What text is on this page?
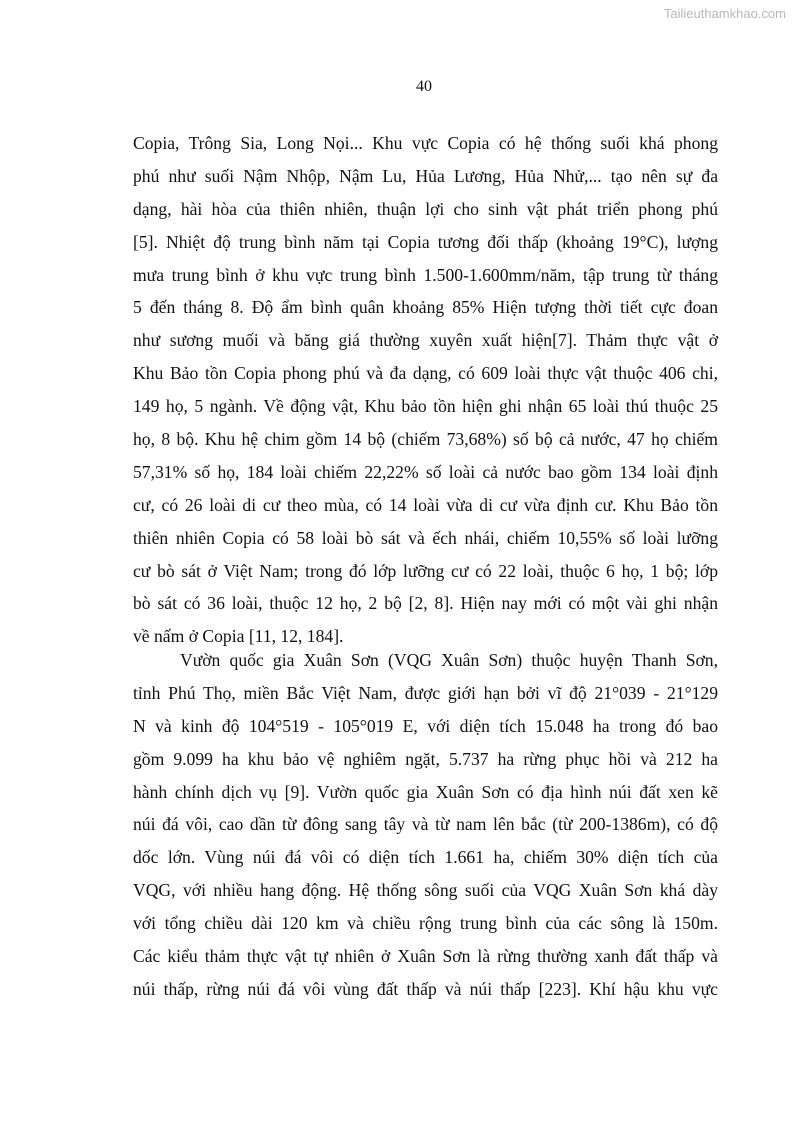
Tailieuthamkhao.com
40
Copia, Trông Sia, Long Nọi... Khu vực Copia có hệ thống suối khá phong
phú như suối Nậm Nhộp, Nậm Lu, Hủa Lương, Hủa Nhử,... tạo nên sự đa
dạng, hài hòa của thiên nhiên, thuận lợi cho sinh vật phát triển phong phú
[5]. Nhiệt độ trung bình năm tại Copia tương đối thấp (khoảng 19°C), lượng
mưa trung bình ở khu vực trung bình 1.500-1.600mm/năm, tập trung từ tháng
5 đến tháng 8. Độ ẩm bình quân khoảng 85% Hiện tượng thời tiết cực đoan
như sương muối và băng giá thường xuyên xuất hiện[7]. Thảm thực vật ở
Khu Bảo tồn Copia phong phú và đa dạng, có 609 loài thực vật thuộc 406 chi,
149 họ, 5 ngành. Về động vật, Khu bảo tồn hiện ghi nhận 65 loài thú thuộc 25
họ, 8 bộ. Khu hệ chim gồm 14 bộ (chiếm 73,68%) số bộ cả nước, 47 họ chiếm
57,31% số họ, 184 loài chiếm 22,22% số loài cả nước bao gồm 134 loài định
cư, có 26 loài di cư theo mùa, có 14 loài vừa di cư vừa định cư. Khu Bảo tồn
thiên nhiên Copia có 58 loài bò sát và ếch nhái, chiếm 10,55% số loài lưỡng
cư bò sát ở Việt Nam; trong đó lớp lưỡng cư có 22 loài, thuộc 6 họ, 1 bộ; lớp
bò sát có 36 loài, thuộc 12 họ, 2 bộ [2, 8]. Hiện nay mới có một vài ghi nhận
về nấm ở Copia [11, 12, 184].
Vườn quốc gia Xuân Sơn (VQG Xuân Sơn) thuộc huyện Thanh Sơn,
tỉnh Phú Thọ, miền Bắc Việt Nam, được giới hạn bởi vĩ độ 21°039 - 21°129
N và kinh độ 104°519 - 105°019 E, với diện tích 15.048 ha trong đó bao
gồm 9.099 ha khu bảo vệ nghiêm ngặt, 5.737 ha rừng phục hồi và 212 ha
hành chính dịch vụ [9]. Vườn quốc gia Xuân Sơn có địa hình núi đất xen kẽ
núi đá vôi, cao dần từ đông sang tây và từ nam lên bắc (từ 200-1386m), có độ
dốc lớn. Vùng núi đá vôi có diện tích 1.661 ha, chiếm 30% diện tích của
VQG, với nhiều hang động. Hệ thống sông suối của VQG Xuân Sơn khá dày
với tổng chiều dài 120 km và chiều rộng trung bình của các sông là 150m.
Các kiểu thảm thực vật tự nhiên ở Xuân Sơn là rừng thường xanh đất thấp và
núi thấp, rừng núi đá vôi vùng đất thấp và núi thấp [223]. Khí hậu khu vực
